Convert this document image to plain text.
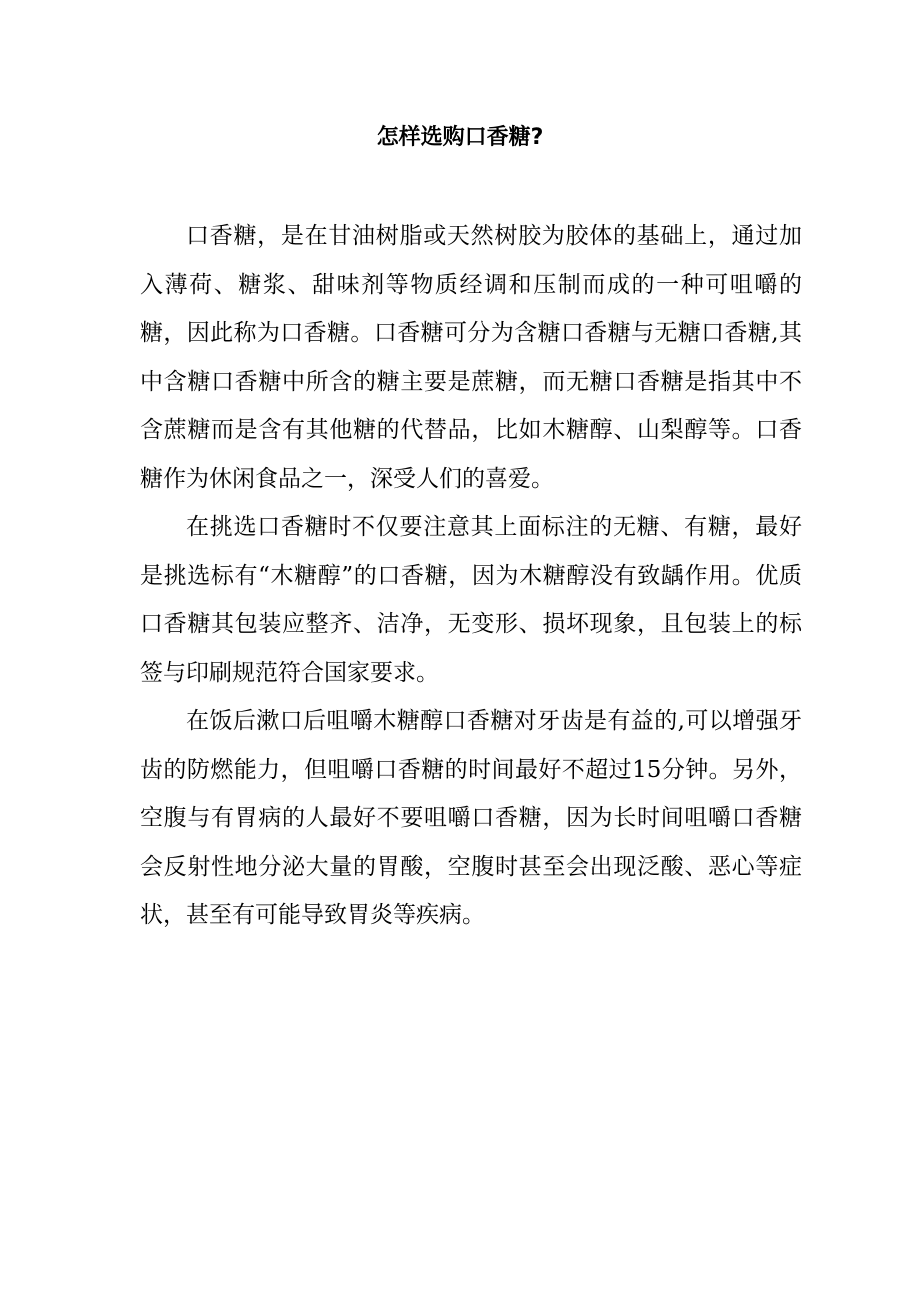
怎样选购口香糖?

口香糖，是在甘油树脂或天然树胶为胶体的基础上，通过加入薄荷、糖浆、甜味剂等物质经调和压制而成的一种可咀嚼的糖，因此称为口香糖。口香糖可分为含糖口香糖与无糖口香糖,其中含糖口香糖中所含的糖主要是蔗糖，而无糖口香糖是指其中不含蔗糖而是含有其他糖的代替品，比如木糖醇、山梨醇等。口香糖作为休闲食品之一，深受人们的喜爱。

在挑选口香糖时不仅要注意其上面标注的无糖、有糖，最好是挑选标有“木糖醇”的口香糖，因为木糖醇没有致龋作用。优质口香糖其包装应整齐、洁净，无变形、损坏现象，且包装上的标签与印刷规范符合国家要求。

在饭后漱口后咀嚼木糖醇口香糖对牙齿是有益的,可以增强牙齿的防燃能力，但咀嚼口香糖的时间最好不超过15分钟。另外，空腹与有胃病的人最好不要咀嚼口香糖，因为长时间咀嚼口香糖会反射性地分泌大量的胃酸，空腹时甚至会出现泛酸、恶心等症状，甚至有可能导致胃炎等疾病。
